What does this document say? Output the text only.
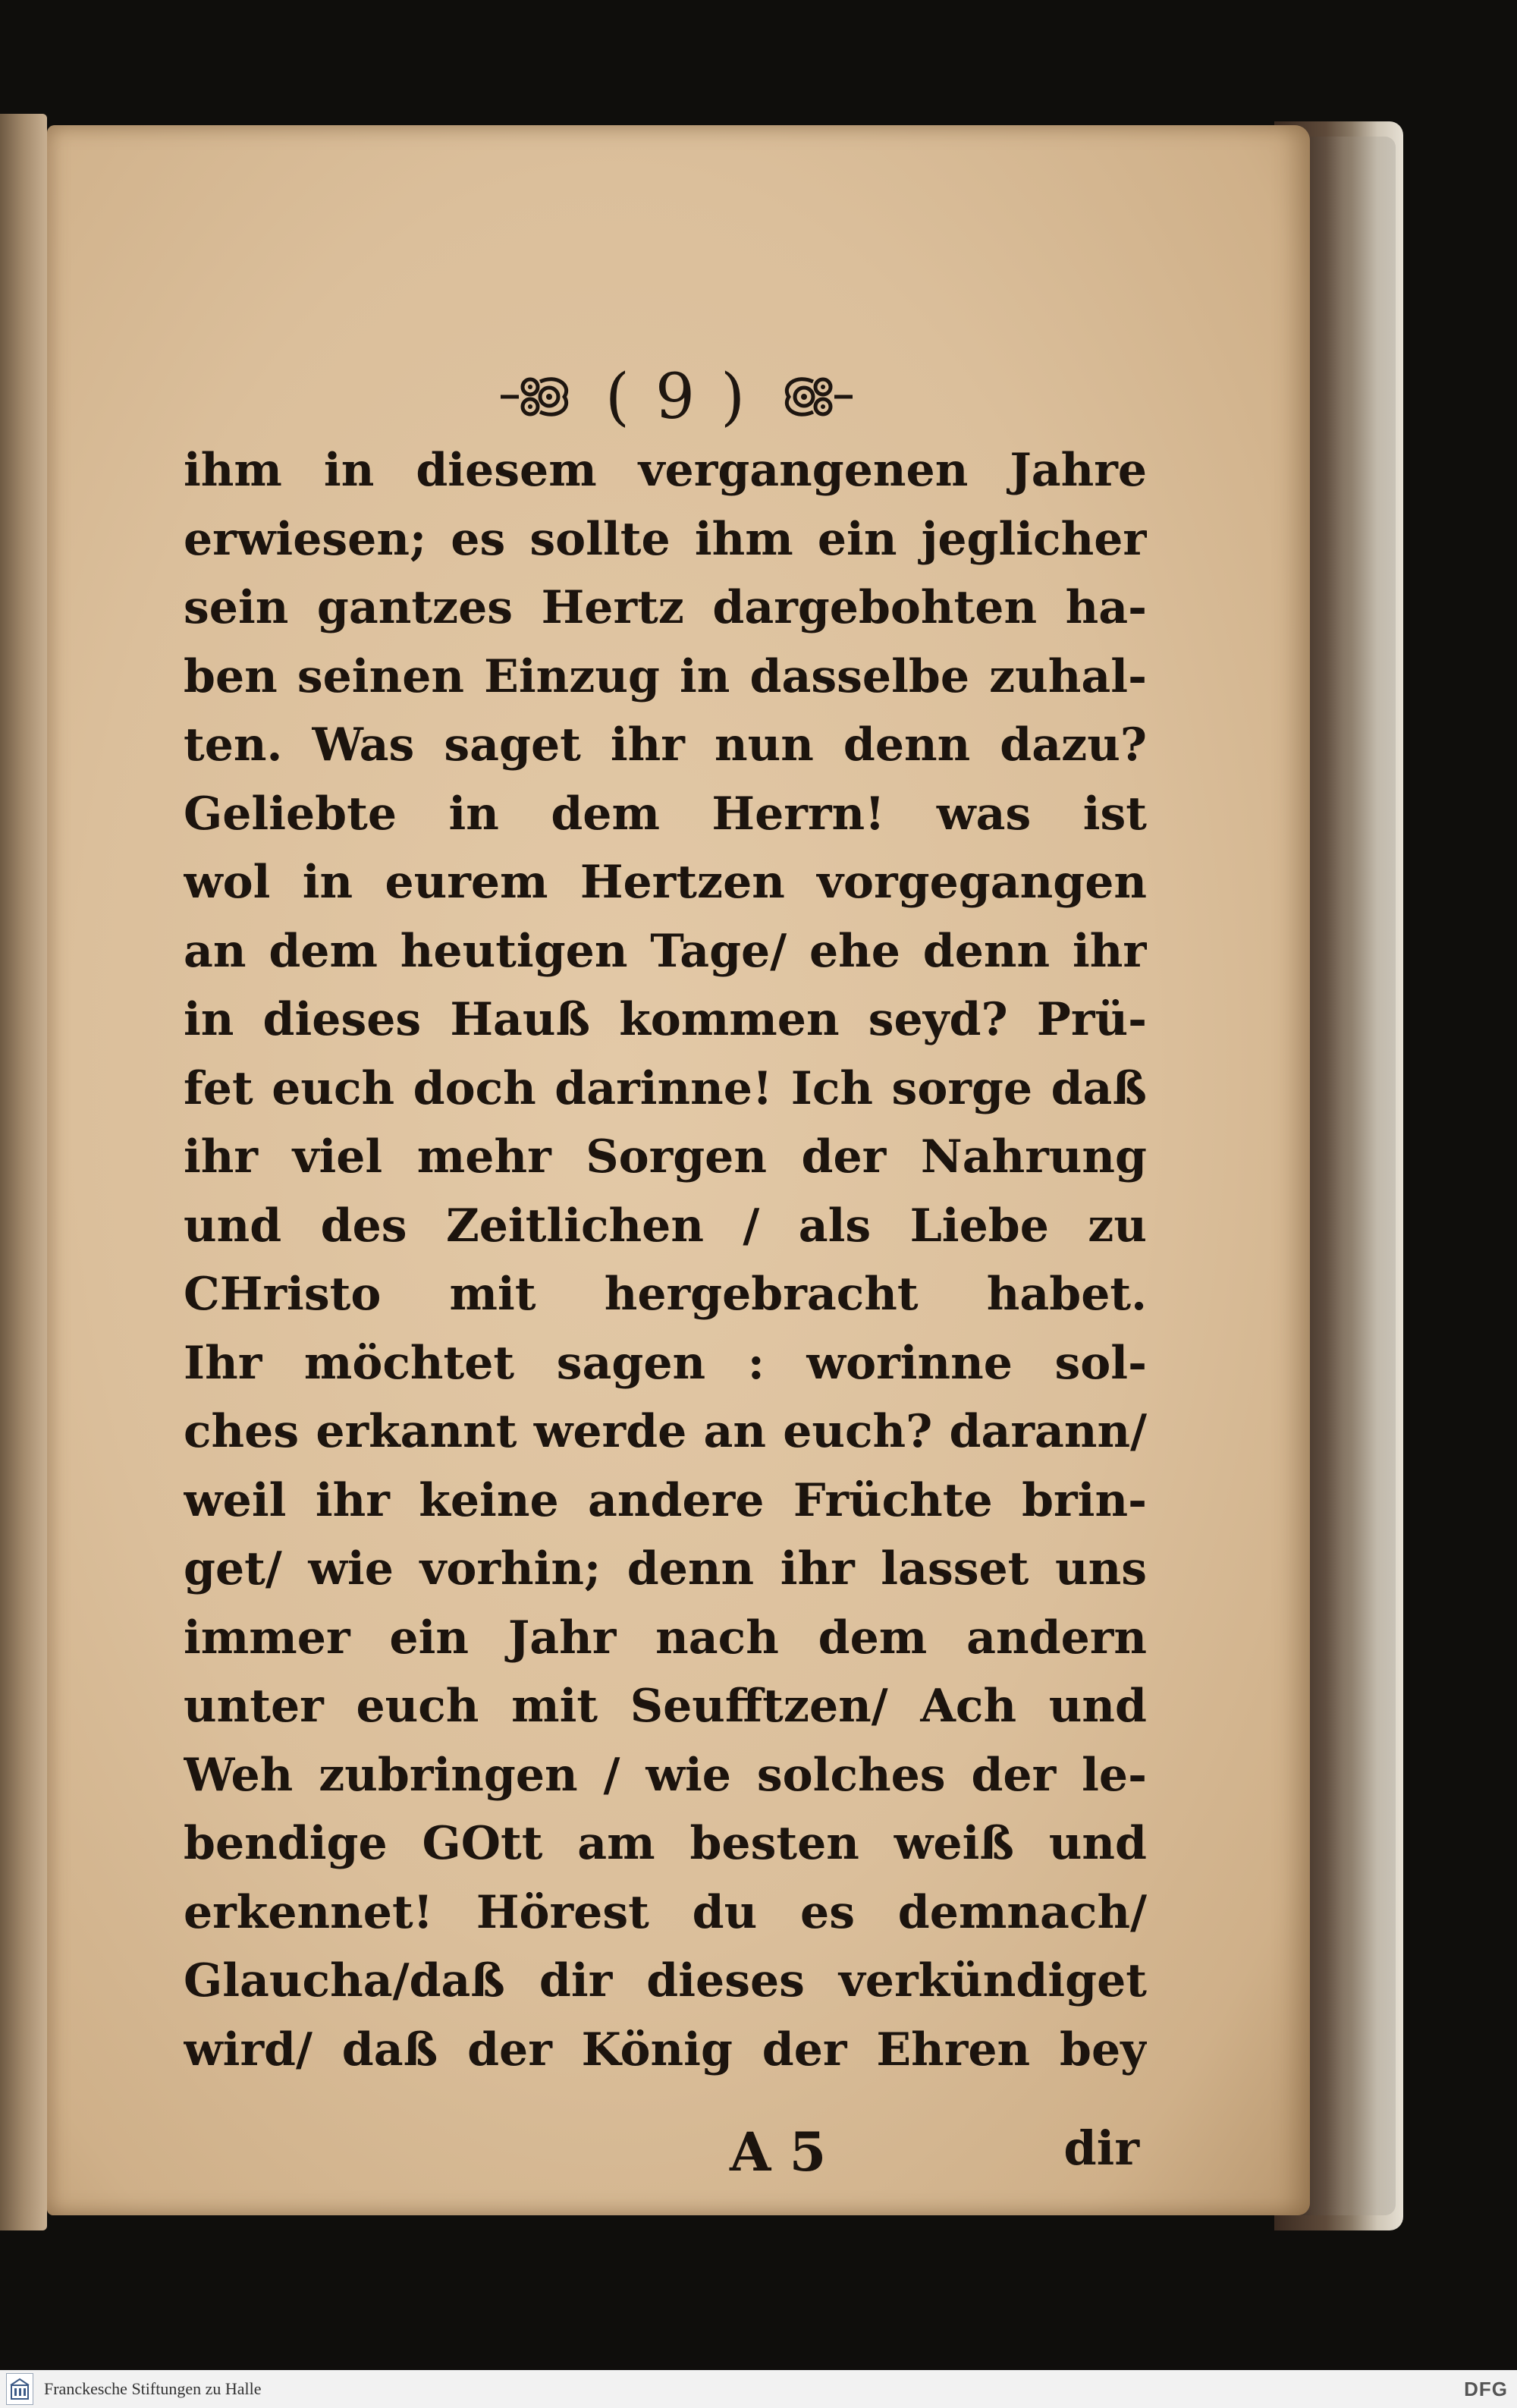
( 9 )
ihm in diesem vergangenen Jahre
erwiesen; es sollte ihm ein jeglicher
sein gantzes Hertz dargebohten ha-
ben seinen Einzug in dasselbe zuhal-
ten. Was saget ihr nun denn dazu?
Geliebte in dem Herrn! was ist
wol in eurem Hertzen vorgegangen
an dem heutigen Tage/ ehe denn ihr
in dieses Hauß kommen seyd? Prü-
fet euch doch darinne! Ich sorge daß
ihr viel mehr Sorgen der Nahrung
und des Zeitlichen / als Liebe zu
CHristo mit hergebracht habet.
Ihr möchtet sagen : worinne sol-
ches erkannt werde an euch? darann/
weil ihr keine andere Früchte brin-
get/ wie vorhin; denn ihr lasset uns
immer ein Jahr nach dem andern
unter euch mit Seufftzen/ Ach und
Weh zubringen / wie solches der le-
bendige GOtt am besten weiß und
erkennet! Hörest du es demnach/
Glaucha/daß dir dieses verkündiget
wird/ daß der König der Ehren bey
A 5	dir
Franckesche Stiftungen zu Halle	DFG
